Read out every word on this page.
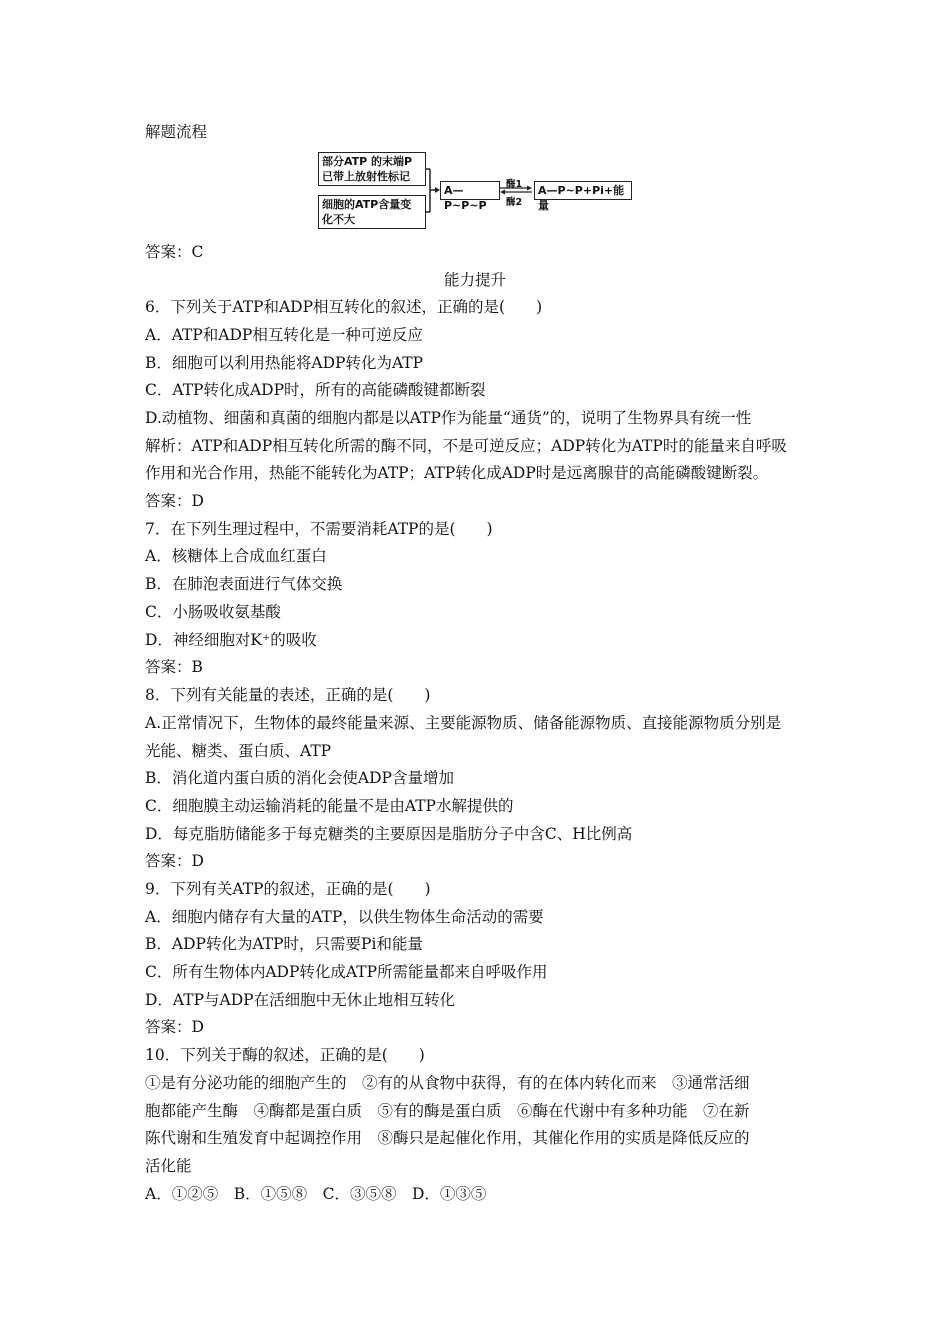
解题流程
部分ATP 的末端P
已带上放射性标记
细胞的ATP含量变
化不大
A—P~P~P
酶1
酶2
A—P~P+Pi+能量
答案：C
能力提升
6．下列关于ATP和ADP相互转化的叙述，正确的是(　　)
A．ATP和ADP相互转化是一种可逆反应
B．细胞可以利用热能将ADP转化为ATP
C．ATP转化成ADP时，所有的高能磷酸键都断裂
D.动植物、细菌和真菌的细胞内都是以ATP作为能量“通货”的，说明了生物界具有统一性
解析：ATP和ADP相互转化所需的酶不同，不是可逆反应；ADP转化为ATP时的能量来自呼吸
作用和光合作用，热能不能转化为ATP；ATP转化成ADP时是远离腺苷的高能磷酸键断裂。
答案：D
7．在下列生理过程中，不需要消耗ATP的是(　　)
A．核糖体上合成血红蛋白
B．在肺泡表面进行气体交换
C．小肠吸收氨基酸
D．神经细胞对K⁺的吸收
答案：B
8．下列有关能量的表述，正确的是(　　)
A.正常情况下，生物体的最终能量来源、主要能源物质、储备能源物质、直接能源物质分别是
光能、糖类、蛋白质、ATP
B．消化道内蛋白质的消化会使ADP含量增加
C．细胞膜主动运输消耗的能量不是由ATP水解提供的
D．每克脂肪储能多于每克糖类的主要原因是脂肪分子中含C、H比例高
答案：D
9．下列有关ATP的叙述，正确的是(　　)
A．细胞内储存有大量的ATP，以供生物体生命活动的需要
B．ADP转化为ATP时，只需要Pi和能量
C．所有生物体内ADP转化成ATP所需能量都来自呼吸作用
D．ATP与ADP在活细胞中无休止地相互转化
答案：D
10．下列关于酶的叙述，正确的是(　　)
①是有分泌功能的细胞产生的　②有的从食物中获得，有的在体内转化而来　③通常活细
胞都能产生酶　④酶都是蛋白质　⑤有的酶是蛋白质　⑥酶在代谢中有多种功能　⑦在新
陈代谢和生殖发育中起调控作用　⑧酶只是起催化作用，其催化作用的实质是降低反应的
活化能
A．①②⑤　B．①⑤⑧　C．③⑤⑧　D．①③⑤
